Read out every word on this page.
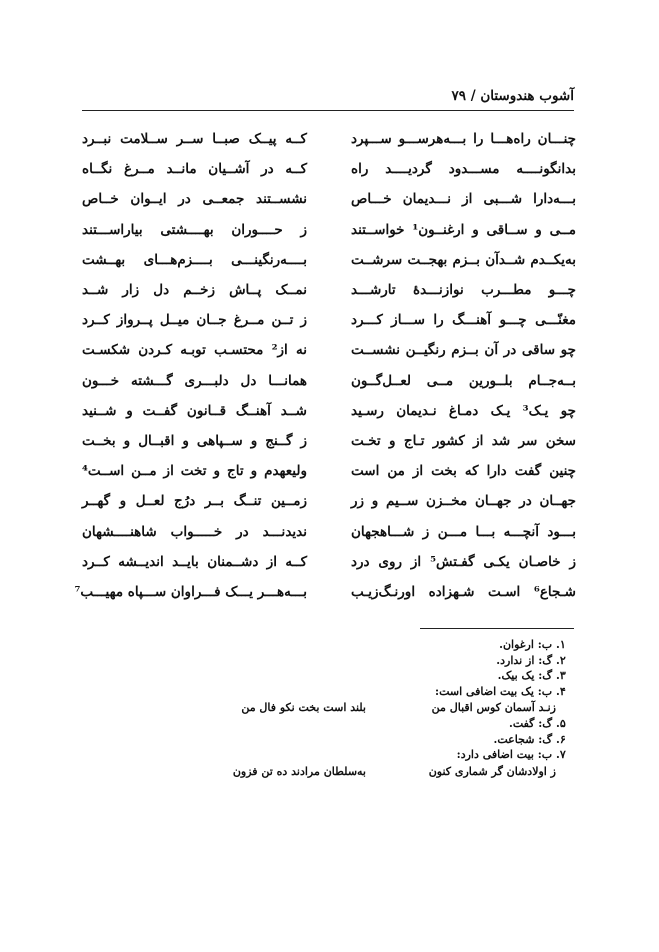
آشوب هندوستان / ۷۹
چنـــان راه‌هـــا را بـــه‌هرســـو ســـپرد
کــه پیــک صبــا ســر ســلامت نبــرد
بدانگونــــه مســـدود گردیــــد راه
کــه در آشــیان مانــد مــرغ نگــاه
بـــه‌دارا شـــبی از نـــدیمان خـــاص
نشســتند جمعــی در ایــوان خــاص
مــی و ســاقی و ارغنــون¹ خواســتند
ز حــــوران بهــــشتی بیاراســـتند
به‌یکــدم شــدآن بــزم بهجــت سرشــت
بــــه‌رنگینـــی بــــزم‌هـــای بهــشت
چـــو مطـــرب نوازنـــدهٔ تارشـــد
نمــک پــاش زخــم دل زار شــد
مغنّـــی چـــو آهنـــگ را ســـاز کـــرد
ز تــن مــرغ جــان میــل پــرواز کــرد
چو ساقی در آن بــزم رنگیــن نشســت
نه از² محتسـب توبـه کـردن شکسـت
بــه‌جــام بلــورین مــی لعــل‌گــون
همانـــا دل دلبـــری گـــشته خـــون
چو یـک³ یـک دمـاغ نـدیمان رسـید
شــد آهنــگ قــانون گفــت و شــنید
سخن سر شد از کشور تـاج و تخـت
ز گــنج و ســپاهی و اقبــال و بخــت
چنین گفت دارا که بخت از من است
ولیعهدم و تاج و تخت از مــن اســت⁴
جهــان در جهــان مخــزن ســیم و زر
زمــین تنــگ بــر درُج لعــل و گهــر
بـــود آنچـــه بـــا مـــن ز شـــاهجهان
ندیدنـــد در خـــــواب شاهنــــشهان
ز خاصـان یکـی گفـتش⁵ از روی درد
کــه از دشــمنان بایــد اندیــشه کــرد
شـجاع⁶ اسـت شـهزاده اورنـگ‌زیـب
بـــه‌هـــر یـــک فـــراوان ســـپاه مهیـــب⁷
۱. ب: ارغوان.
۲. گ: از ندارد.
۳. گ: یک بیک.
۴. ب: یک بیت اضافی است:
زنـد آسمان کوس اقبال من
بلند است بخت نکو فال من
۵. گ: گفت.
۶. گ: شجاعت.
۷. ب: بیت اضافی دارد:
ز اولادشان گر شماری کنون
به‌سلطان مرادند ده تن فزون
